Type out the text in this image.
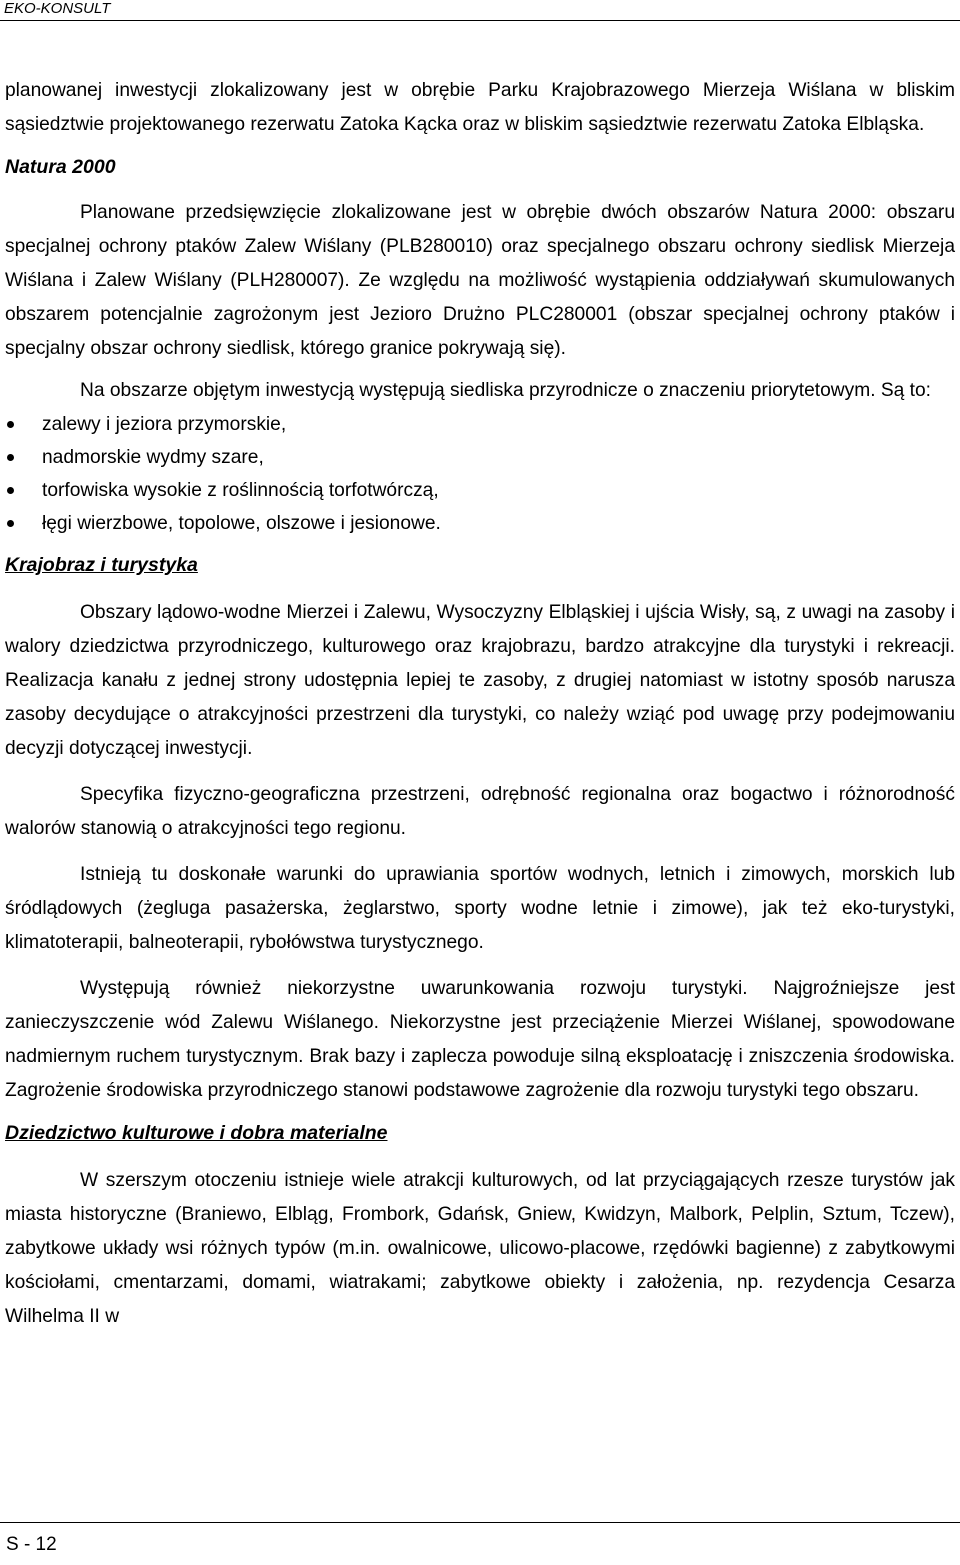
EKO-KONSULT

planowanej inwestycji zlokalizowany jest w obrębie Parku Krajobrazowego Mierzeja Wiślana w bliskim sąsiedztwie projektowanego rezerwatu Zatoka Kącka oraz w bliskim sąsiedztwie rezerwatu Zatoka Elbląska.

Natura 2000

Planowane przedsięwzięcie zlokalizowane jest w obrębie dwóch obszarów Natura 2000: obszaru specjalnej ochrony ptaków Zalew Wiślany (PLB280010) oraz specjalnego obszaru ochrony siedlisk Mierzeja Wiślana i Zalew Wiślany (PLH280007). Ze względu na możliwość wystąpienia oddziaływań skumulowanych obszarem potencjalnie zagrożonym jest Jezioro Drużno PLC280001 (obszar specjalnej ochrony ptaków i specjalny obszar ochrony siedlisk, którego granice pokrywają się).

Na obszarze objętym inwestycją występują siedliska przyrodnicze o znaczeniu priorytetowym. Są to:

zalewy i jeziora przymorskie,
nadmorskie wydmy szare,
torfowiska wysokie z roślinnością torfotwórczą,
łęgi wierzbowe, topolowe, olszowe i jesionowe.

Krajobraz i turystyka

Obszary lądowo-wodne Mierzei i Zalewu, Wysoczyzny Elbląskiej i ujścia Wisły, są, z uwagi na zasoby i walory dziedzictwa przyrodniczego, kulturowego oraz krajobrazu, bardzo atrakcyjne dla turystyki i rekreacji. Realizacja kanału z jednej strony udostępnia lepiej te zasoby, z drugiej natomiast w istotny sposób narusza zasoby decydujące o atrakcyjności przestrzeni dla turystyki, co należy wziąć pod uwagę przy podejmowaniu decyzji dotyczącej inwestycji.

Specyfika fizyczno-geograficzna przestrzeni, odrębność regionalna oraz bogactwo i różnorodność walorów stanowią o atrakcyjności tego regionu.

Istnieją tu doskonałe warunki do uprawiania sportów wodnych, letnich i zimowych, morskich lub śródlądowych (żegluga pasażerska, żeglarstwo, sporty wodne letnie i zimowe), jak też eko-turystyki, klimatoterapii, balneoterapii, rybołówstwa turystycznego.

Występują również niekorzystne uwarunkowania rozwoju turystyki. Najgroźniejsze jest zanieczyszczenie wód Zalewu Wiślanego. Niekorzystne jest przeciążenie Mierzei Wiślanej, spowodowane nadmiernym ruchem turystycznym. Brak bazy i zaplecza powoduje silną eksploatację i zniszczenia środowiska. Zagrożenie środowiska przyrodniczego stanowi podstawowe zagrożenie dla rozwoju turystyki tego obszaru.

Dziedzictwo kulturowe i dobra materialne

W szerszym otoczeniu istnieje wiele atrakcji kulturowych, od lat przyciągających rzesze turystów jak miasta historyczne (Braniewo, Elbląg, Frombork, Gdańsk, Gniew, Kwidzyn, Malbork, Pelplin, Sztum, Tczew), zabytkowe układy wsi różnych typów (m.in. owalnicowe, ulicowo-placowe, rzędówki bagienne) z zabytkowymi kościołami, cmentarzami, domami, wiatrakami; zabytkowe obiekty i założenia, np. rezydencja Cesarza Wilhelma II w

S - 12
